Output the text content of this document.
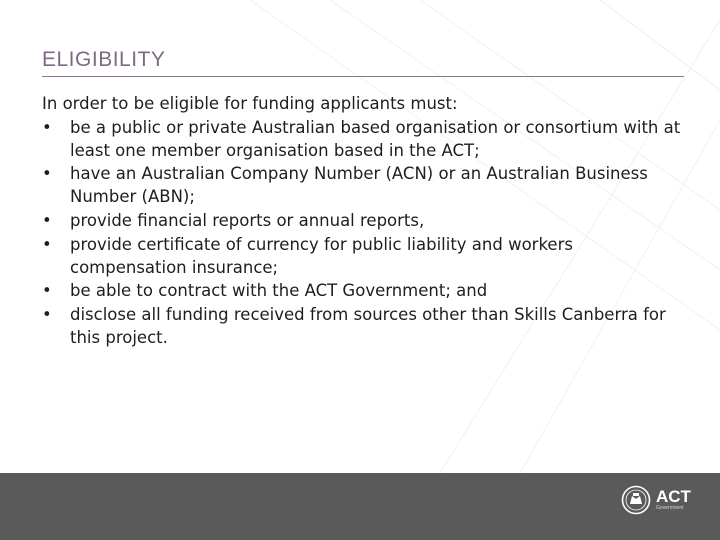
ELIGIBILITY

In order to be eligible for funding applicants must:

•	be a public or private Australian based organisation or consortium with at least one member organisation based in the ACT;
•	have an Australian Company Number (ACN) or an Australian Business Number (ABN);
•	provide financial reports or annual reports,
•	provide certificate of currency for public liability and workers compensation insurance;
•	be able to contract with the ACT Government; and
•	disclose all funding received from sources other than Skills Canberra for this project.
ACT
Government
